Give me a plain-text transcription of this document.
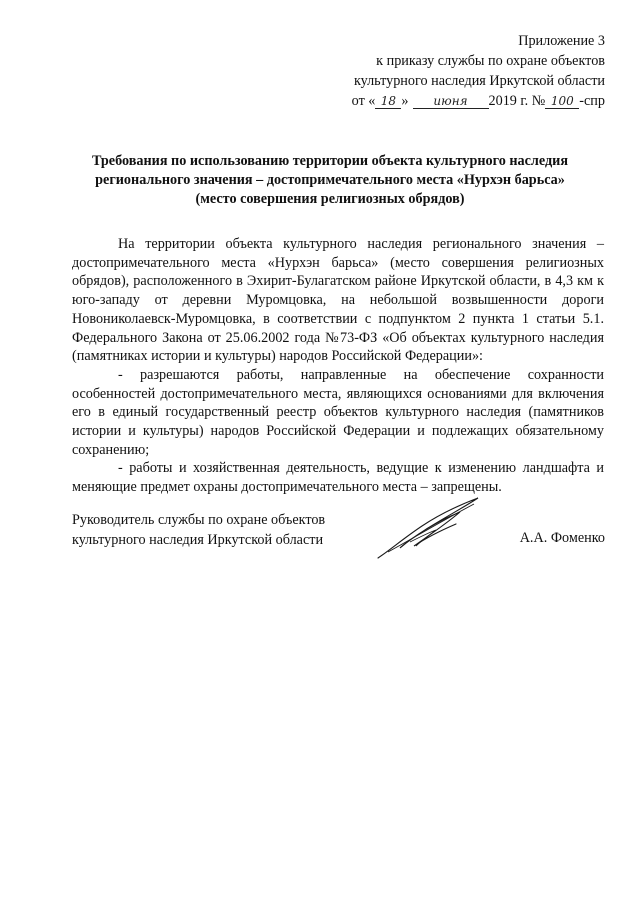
Приложение 3
к приказу службы по охране объектов
культурного наследия Иркутской области
от « 18 » июня 2019 г. № 100 -спр
Требования по использованию территории объекта культурного наследия
регионального значения – достопримечательного места «Нурхэн барьса»
(место совершения религиозных обрядов)

На территории объекта культурного наследия регионального значения – достопримечательного места «Нурхэн барьса» (место совершения религиозных обрядов), расположенного в Эхирит-Булагатском районе Иркутской области, в 4,3 км к юго-западу от деревни Муромцовка, на небольшой возвышенности дороги Новониколаевск-Муромцовка, в соответствии с подпунктом 2 пункта 1 статьи 5.1. Федерального Закона от 25.06.2002 года №73-ФЗ «Об объектах культурного наследия (памятниках истории и культуры) народов Российской Федерации»:

- разрешаются работы, направленные на обеспечение сохранности особенностей достопримечательного места, являющихся основаниями для включения его в единый государственный реестр объектов культурного наследия (памятников истории и культуры) народов Российской Федерации и подлежащих обязательному сохранению;

- работы и хозяйственная деятельность, ведущие к изменению ландшафта и меняющие предмет охраны достопримечательного места – запрещены.

Руководитель службы по охране объектов
культурного наследия Иркутской области	А.А. Фоменко
